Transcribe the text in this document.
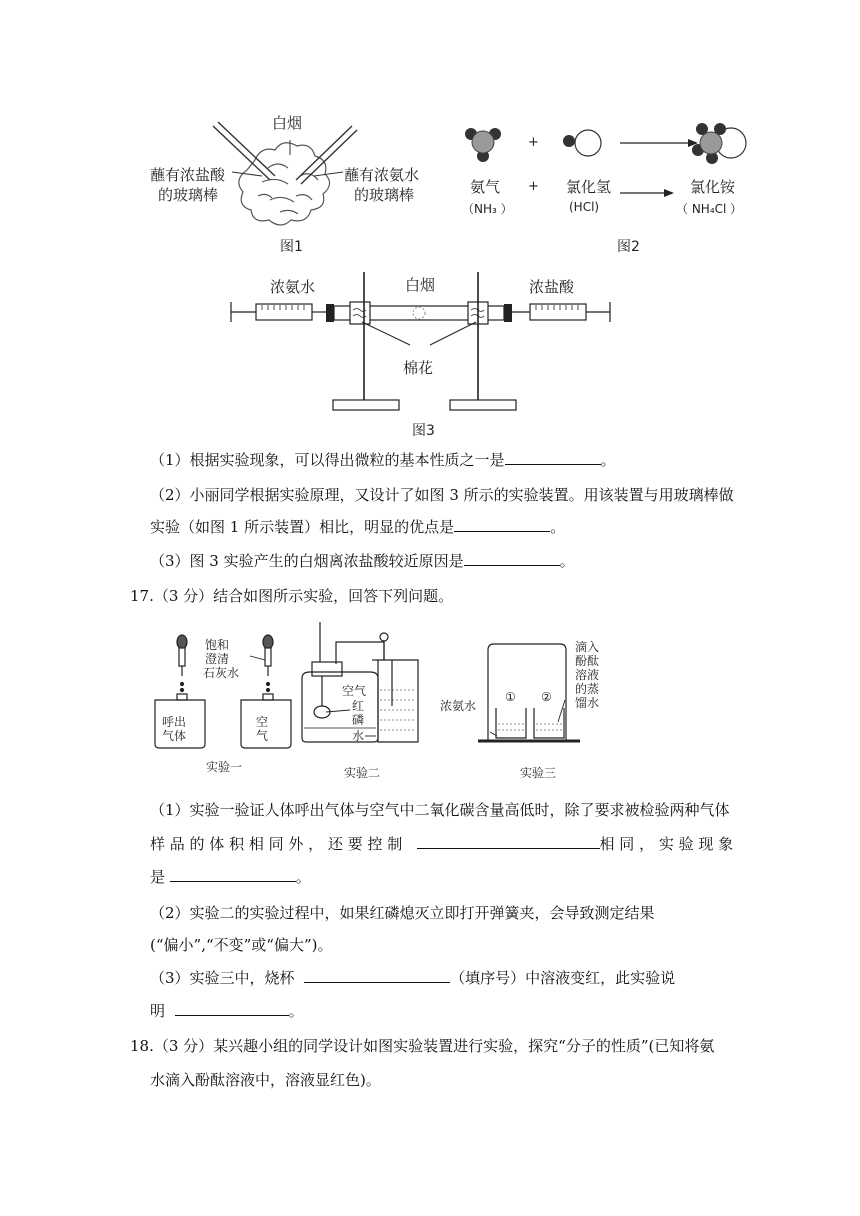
白烟
蘸有浓盐酸
的玻璃棒
蘸有浓氨水
的玻璃棒
图1
+
+
氨气
（NH₃ ）
氯化氢
(HCl)
氯化铵
（ NH₄Cl ）
图2
浓氨水	白烟	浓盐酸
棉花
图3
（1）根据实验现象，可以得出微粒的基本性质之一是	。
（2）小丽同学根据实验原理，又设计了如图 3 所示的实验装置。用该装置与用玻璃棒做
实验（如图 1 所示装置）相比，明显的优点是	。
（3）图 3 实验产生的白烟离浓盐酸较近原因是	。
17.（3 分）结合如图所示实验，回答下列问题。
饱和
澄清
石灰水
呼出
气体
空
气
实验一
空气
红
磷
水
实验二
滴入
酚酞
溶液
的蒸
馏水
浓氨水
① ②
实验三
（1）实验一验证人体呼出气体与空气中二氧化碳含量高低时，除了要求被检验两种气体
样 品 的 体 积 相 同 外 ， 还 要 控 制	相 同 ， 实 验 现 象
是	。
（2）实验二的实验过程中，如果红磷熄灭立即打开弹簧夹，会导致测定结果
(“偏小”,“不变”或“偏大”)。
（3）实验三中，烧杯	（填序号）中溶液变红，此实验说
明	。
18.（3 分）某兴趣小组的同学设计如图实验装置进行实验，探究“分子的性质”(已知将氨
水滴入酚酞溶液中，溶液显红色)。
